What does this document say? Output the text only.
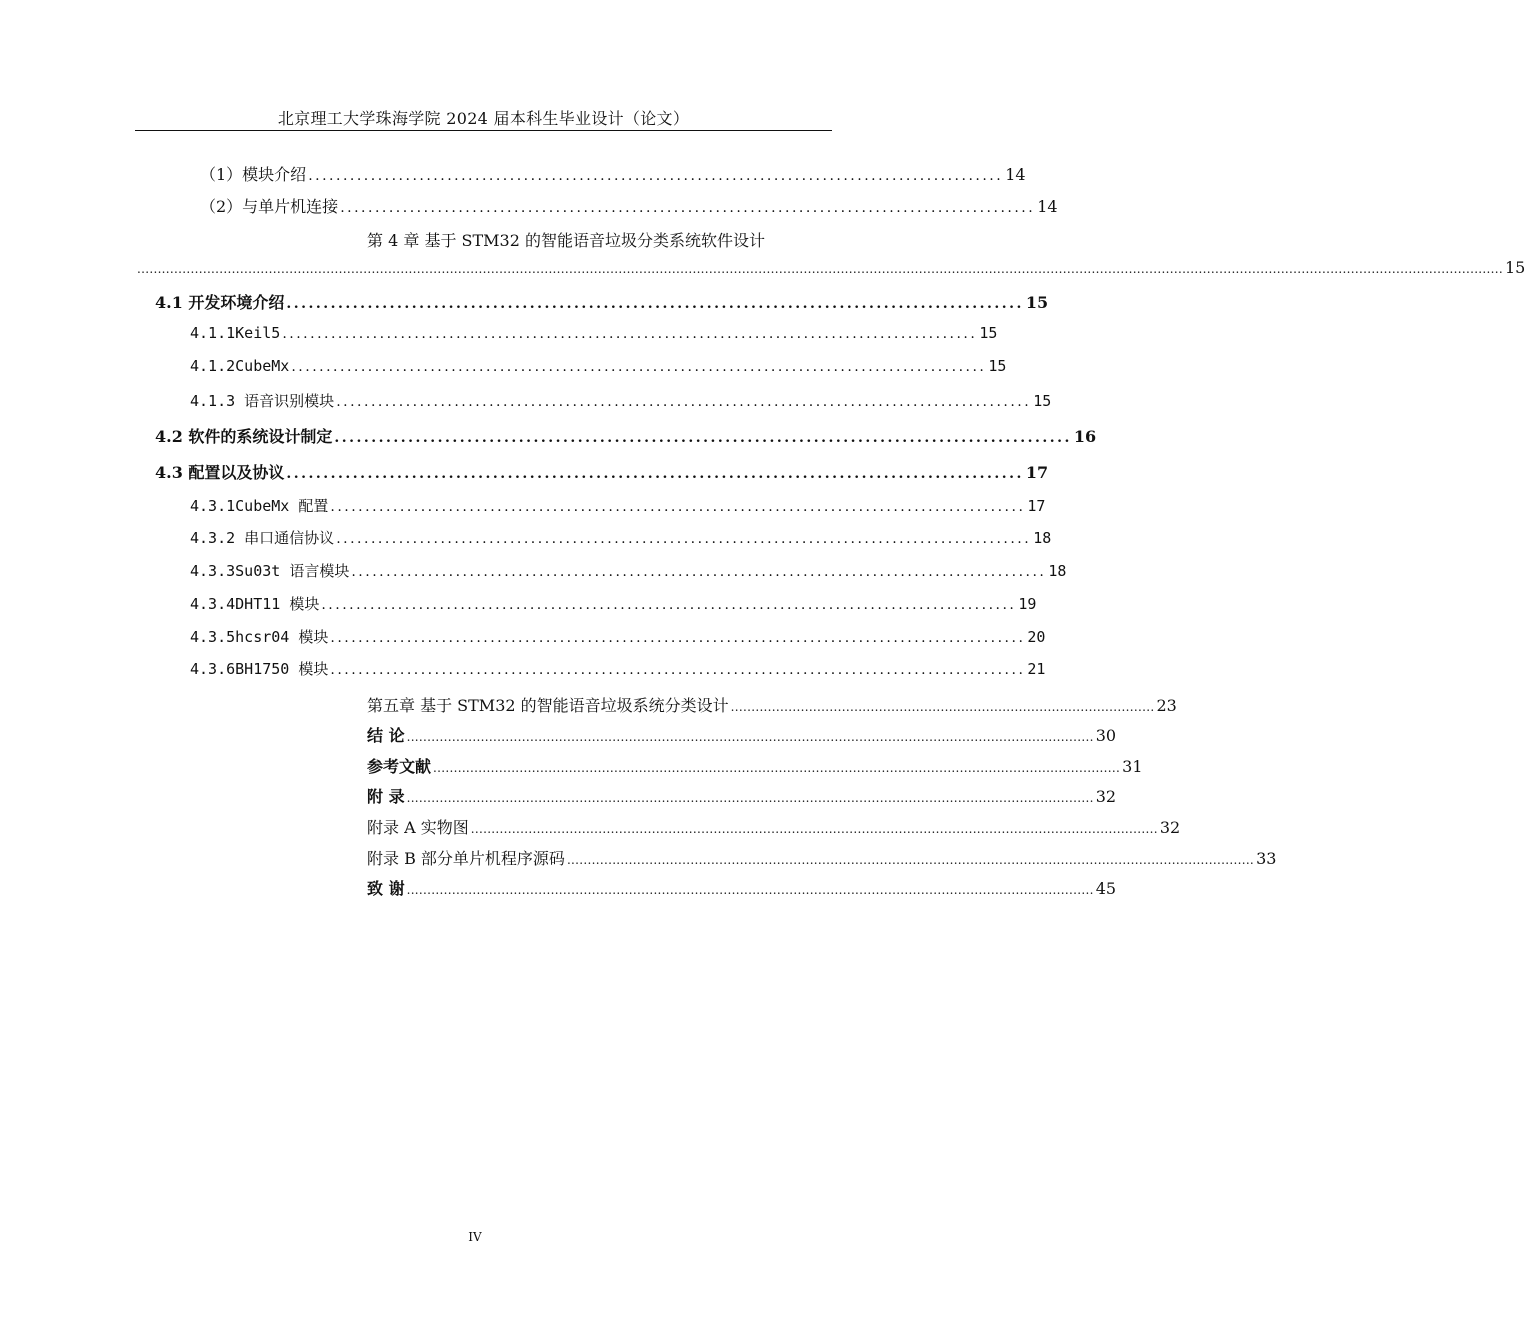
北京理工大学珠海学院 2024 届本科生毕业设计（论文）
（1）模块介绍 .................................................................................................... 14
（2）与单片机连接 .................................................................................................... 14
第 4 章 基于 STM32 的智能语音垃圾分类系统软件设计
............................................................................................................................................................................................................................................................................................................................................ 15
4.1 开发环境介绍 .................................................................................................... 15
4.1.1Keil5 .................................................................................................... 15
4.1.2CubeMx .................................................................................................... 15
4.1.3 语音识别模块 .................................................................................................... 15
4.2 软件的系统设计制定 .................................................................................................... 16
4.3 配置以及协议 .................................................................................................... 17
4.3.1CubeMx 配置 .................................................................................................... 17
4.3.2 串口通信协议 .................................................................................................... 18
4.3.3Su03t 语言模块 .................................................................................................... 18
4.3.4DHT11 模块 .................................................................................................... 19
4.3.5hcsr04 模块 .................................................................................................... 20
4.3.6BH1750 模块 .................................................................................................... 21
第五章 基于 STM32 的智能语音垃圾系统分类设计 ....................................................................................................... 23
结 论 ....................................................................................................................................................................... 30
参考文献 ....................................................................................................................................................................... 31
附 录 ....................................................................................................................................................................... 32
附录 A 实物图 ....................................................................................................................................................................... 32
附录 B 部分单片机程序源码 ....................................................................................................................................................................... 33
致 谢 ....................................................................................................................................................................... 45
IV
